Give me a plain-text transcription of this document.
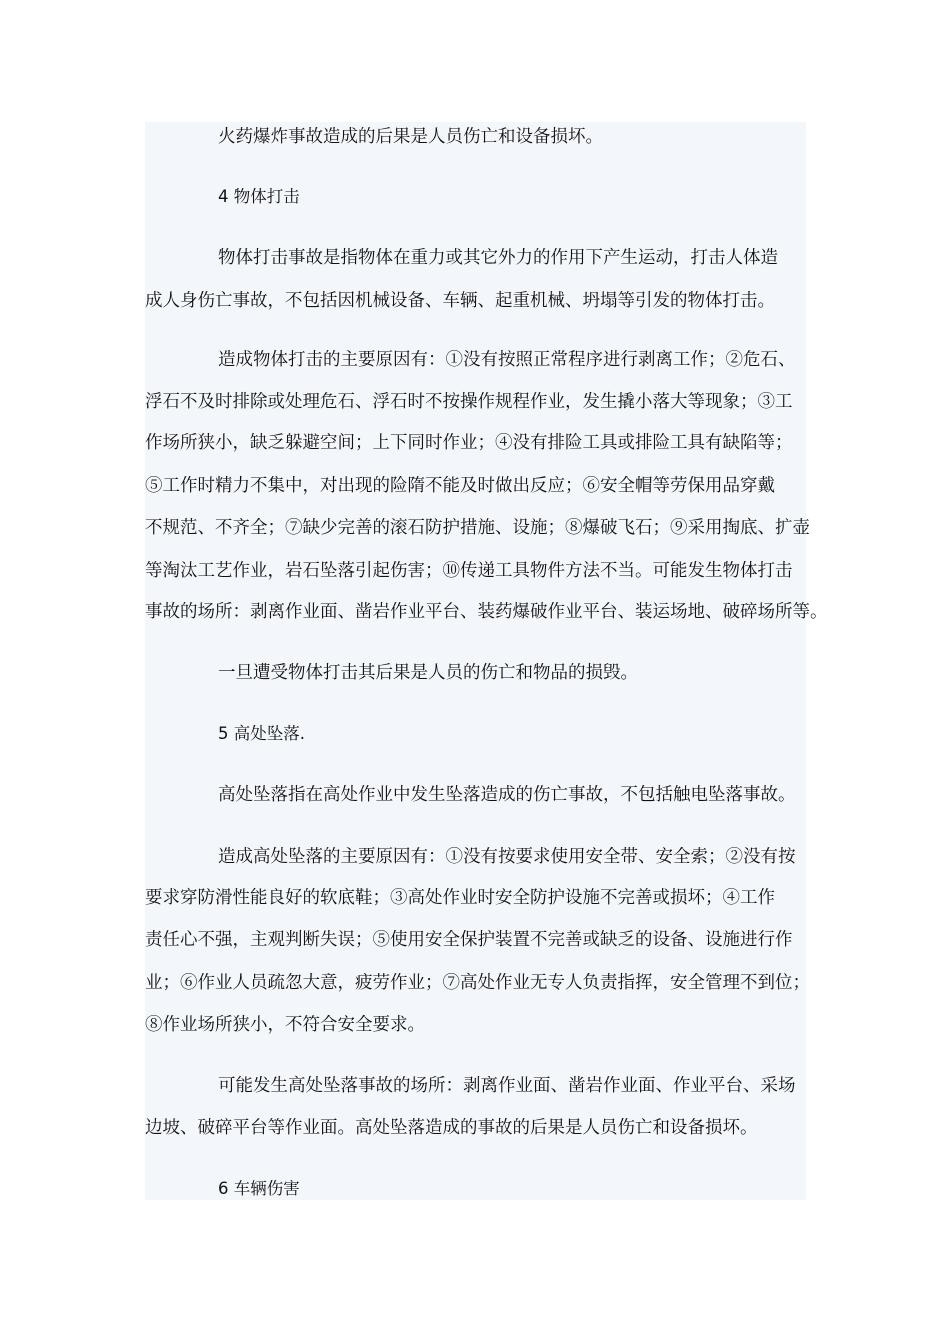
火药爆炸事故造成的后果是人员伤亡和设备损坏。
4 物体打击
物体打击事故是指物体在重力或其它外力的作用下产生运动，打击人体造
成人身伤亡事故，不包括因机械设备、车辆、起重机械、坍塌等引发的物体打击。
造成物体打击的主要原因有：①没有按照正常程序进行剥离工作；②危石、
浮石不及时排除或处理危石、浮石时不按操作规程作业，发生撬小落大等现象；③工
作场所狭小，缺乏躲避空间；上下同时作业；④没有排险工具或排险工具有缺陷等；
⑤工作时精力不集中，对出现的险隋不能及时做出反应；⑥安全帽等劳保用品穿戴
不规范、不齐全；⑦缺少完善的滚石防护措施、设施；⑧爆破飞石；⑨采用掏底、扩壶
等淘汰工艺作业，岩石坠落引起伤害；⑩传递工具物件方法不当。可能发生物体打击
事故的场所：剥离作业面、凿岩作业平台、装药爆破作业平台、装运场地、破碎场所等。
一旦遭受物体打击其后果是人员的伤亡和物品的损毁。
5 高处坠落.
高处坠落指在高处作业中发生坠落造成的伤亡事故，不包括触电坠落事故。
造成高处坠落的主要原因有：①没有按要求使用安全带、安全索；②没有按
要求穿防滑性能良好的软底鞋；③高处作业时安全防护设施不完善或损坏；④工作
责任心不强，主观判断失误；⑤使用安全保护装置不完善或缺乏的设备、设施进行作
业；⑥作业人员疏忽大意，疲劳作业；⑦高处作业无专人负责指挥，安全管理不到位；
⑧作业场所狭小，不符合安全要求。
可能发生高处坠落事故的场所：剥离作业面、凿岩作业面、作业平台、采场
边坡、破碎平台等作业面。高处坠落造成的事故的后果是人员伤亡和设备损坏。
6 车辆伤害
